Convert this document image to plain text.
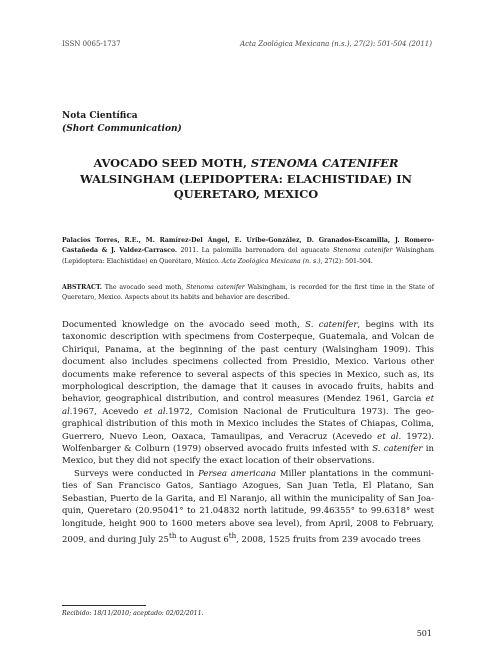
ISSN 0065-1737	Acta Zoológica Mexicana (n.s.), 27(2): 501-504 (2011)
Nota Científica
(Short Communication)
AVOCADO SEED MOTH, STENOMA CATENIFER
WALSINGHAM (LEPIDOPTERA: ELACHISTIDAE) IN
QUERETARO, MEXICO
Palacios Torres, R.E., M. Ramírez-Del Ángel, E. Uribe-González, D. Granados-Escamilla, J. Romero-Castañeda & J. Valdez-Carrasco. 2011. La palomilla barrenadora del aguacate Stenoma catenifer Walsingham (Lepidoptera: Elachistidae) en Querétaro, México. Acta Zoológica Mexicana (n. s.), 27(2): 501-504.
ABSTRACT. The avocado seed moth, Stenoma catenifer Walsingham, is recorded for the first time in the State of Queretaro, Mexico. Aspects about its habits and behavior are described.

Documented knowledge on the avocado seed moth, S. catenifer, begins with its taxonomic description with specimens from Costerpeque, Guatemala, and Volcan de Chiriqui, Panama, at the beginning of the past century (Walsingham 1909). This document also includes specimens collected from Presidio, Mexico. Various other documents make reference to several aspects of this species in Mexico, such as, its morphological description, the damage that it causes in avocado fruits, habits and behavior, geographical distribution, and control measures (Mendez 1961, Garcia et al.1967, Acevedo et al.1972, Comision Nacional de Fruticultura 1973). The geo- graphical distribution of this moth in Mexico includes the States of Chiapas, Colima, Guerrero, Nuevo Leon, Oaxaca, Tamaulipas, and Veracruz (Acevedo et al. 1972). Wolfenbarger & Colburn (1979) observed avocado fruits infested with S. catenifer in Mexico, but they did not specify the exact location of their observations.

Surveys were conducted in Persea americana Miller plantations in the communi- ties of San Francisco Gatos, Santiago Azogues, San Juan Tetla, El Platano, San Sebastian, Puerto de la Garita, and El Naranjo, all within the municipality of San Joa- quin, Queretaro (20.95041° to 21.04832 north latitude, 99.46355° to 99.6318° west longitude, height 900 to 1600 meters above sea level), from April, 2008 to February, 2009, and during July 25th to August 6th, 2008, 1525 fruits from 239 avocado trees

Recibido: 18/11/2010; aceptado: 02/02/2011.
501
